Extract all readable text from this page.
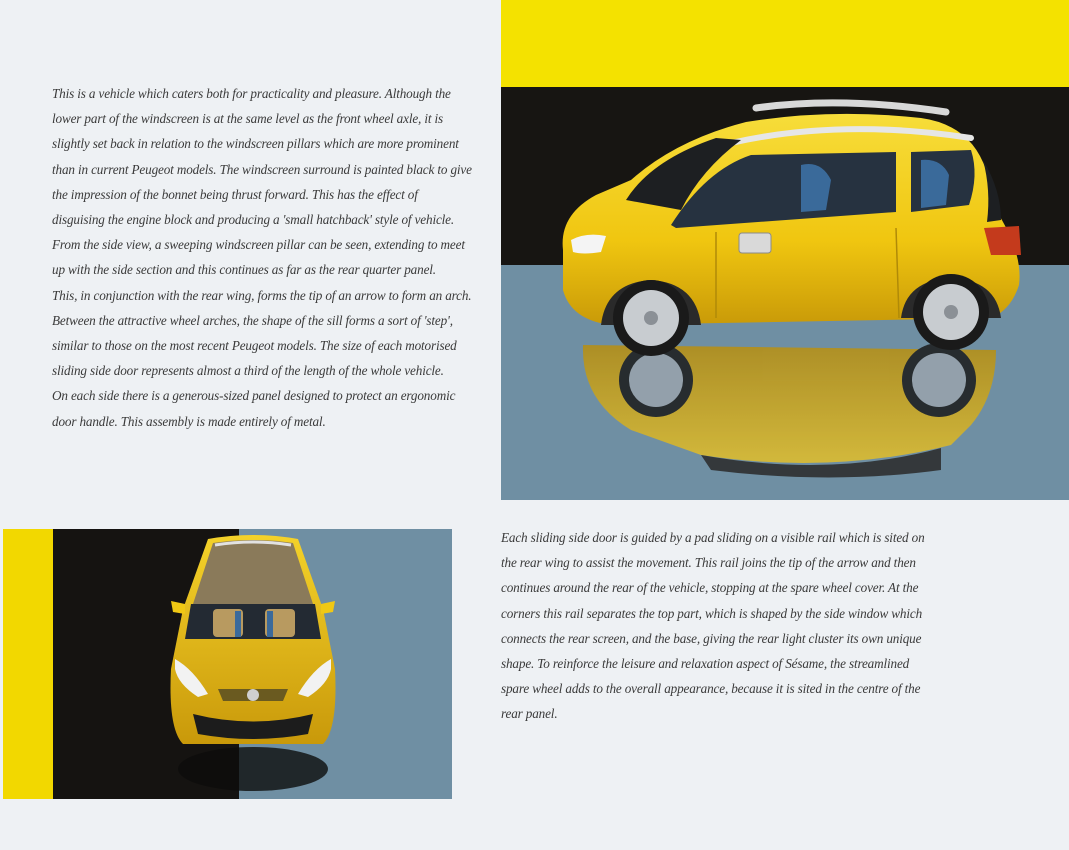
This is a vehicle which caters both for practicality and pleasure. Although the
lower part of the windscreen is at the same level as the front wheel axle, it is
slightly set back in relation to the windscreen pillars which are more prominent
than in current Peugeot models. The windscreen surround is painted black to give
the impression of the bonnet being thrust forward. This has the effect of
disguising the engine block and producing a 'small hatchback' style of vehicle.
From the side view, a sweeping windscreen pillar can be seen, extending to meet
up with the side section and this continues as far as the rear quarter panel.
This, in conjunction with the rear wing, forms the tip of an arrow to form an arch.
Between the attractive wheel arches, the shape of the sill forms a sort of 'step',
similar to those on the most recent Peugeot models. The size of each motorised
sliding side door represents almost a third of the length of the whole vehicle.
On each side there is a generous-sized panel designed to protect an ergonomic
door handle. This assembly is made entirely of metal.
Each sliding side door is guided by a pad sliding on a visible rail which is sited on
the rear wing to assist the movement. This rail joins the tip of the arrow and then
continues around the rear of the vehicle, stopping at the spare wheel cover. At the
corners this rail separates the top part, which is shaped by the side window which
connects the rear screen, and the base, giving the rear light cluster its own unique
shape. To reinforce the leisure and relaxation aspect of Sésame, the streamlined
spare wheel adds to the overall appearance, because it is sited in the centre of the
rear panel.
